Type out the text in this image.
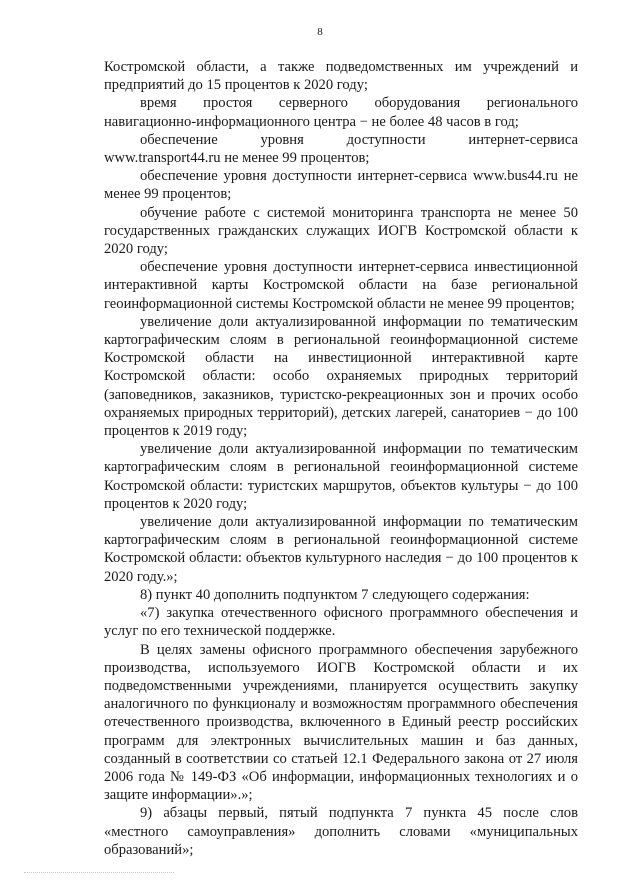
8

Костромской области, а также подведомственных им учреждений и предприятий до 15 процентов к 2020 году;

время простоя серверного оборудования регионального навигационно-информационного центра − не более 48 часов в год;

обеспечение уровня доступности интернет-сервиса www.transport44.ru не менее 99 процентов;

обеспечение уровня доступности интернет-сервиса www.bus44.ru не менее 99 процентов;

обучение работе с системой мониторинга транспорта не менее 50 государственных гражданских служащих ИОГВ Костромской области к 2020 году;

обеспечение уровня доступности интернет-сервиса инвестиционной интерактивной карты Костромской области на базе региональной геоинформационной системы Костромской области не менее 99 процентов;

увеличение доли актуализированной информации по тематическим картографическим слоям в региональной геоинформационной системе Костромской области на инвестиционной интерактивной карте Костромской области: особо охраняемых природных территорий (заповедников, заказников, туристско-рекреационных зон и прочих особо охраняемых природных территорий), детских лагерей, санаториев − до 100 процентов к 2019 году;

увеличение доли актуализированной информации по тематическим картографическим слоям в региональной геоинформационной системе Костромской области: туристских маршрутов, объектов культуры − до 100 процентов к 2020 году;

увеличение доли актуализированной информации по тематическим картографическим слоям в региональной геоинформационной системе Костромской области: объектов культурного наследия − до 100 процентов к 2020 году.»;

8) пункт 40 дополнить подпунктом 7 следующего содержания:

«7) закупка отечественного офисного программного обеспечения и услуг по его технической поддержке.

В целях замены офисного программного обеспечения зарубежного производства, используемого ИОГВ Костромской области и их подведомственными учреждениями, планируется осуществить закупку аналогичного по функционалу и возможностям программного обеспечения отечественного производства, включенного в Единый реестр российских программ для электронных вычислительных машин и баз данных, созданный в соответствии со статьей 12.1 Федерального закона от 27 июля 2006 года № 149-ФЗ «Об информации, информационных технологиях и о защите информации».»;

9) абзацы первый, пятый подпункта 7 пункта 45 после слов «местного самоуправления» дополнить словами «муниципальных образований»;
